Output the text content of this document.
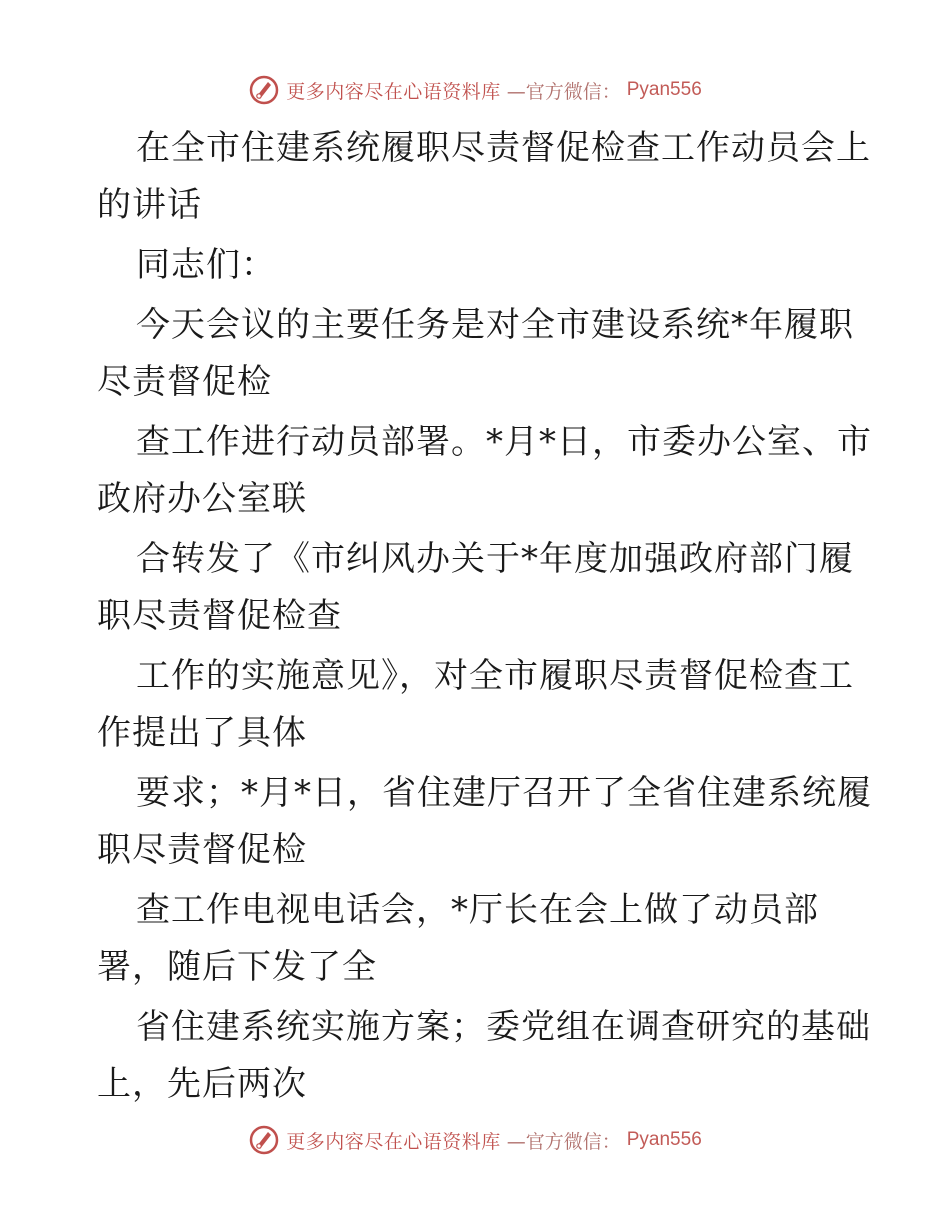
更多内容尽在心语资料库 —官方微信： Pyan556
在全市住建系统履职尽责督促检查工作动员会上
的讲话
同志们：
今天会议的主要任务是对全市建设系统*年履职
尽责督促检
查工作进行动员部署。*月*日，市委办公室、市
政府办公室联
合转发了《市纠风办关于*年度加强政府部门履
职尽责督促检查
工作的实施意见》，对全市履职尽责督促检查工
作提出了具体
要求；*月*日，省住建厅召开了全省住建系统履
职尽责督促检
查工作电视电话会，*厅长在会上做了动员部
署，随后下发了全
省住建系统实施方案；委党组在调查研究的基础
上，先后两次
更多内容尽在心语资料库 —官方微信： Pyan556
